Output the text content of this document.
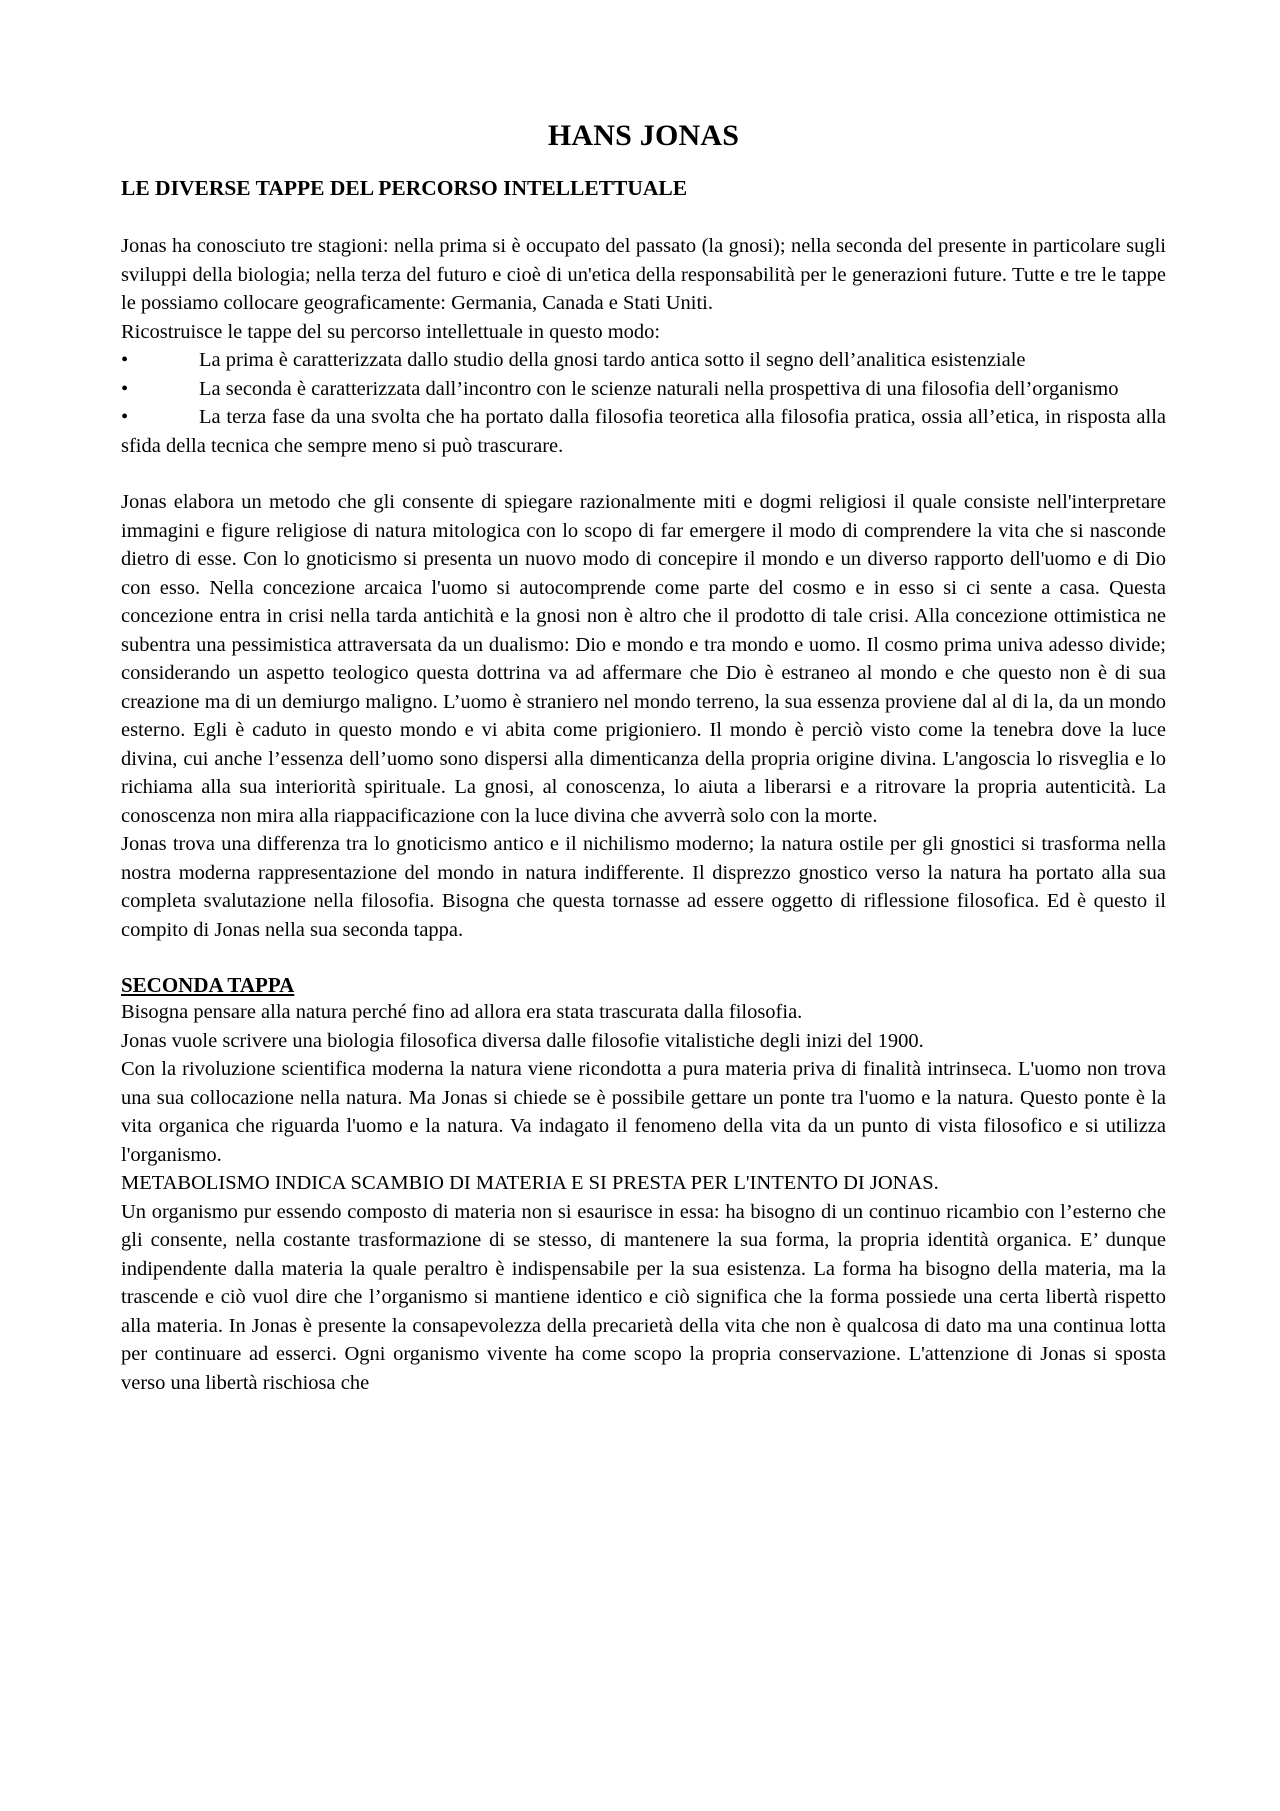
HANS JONAS
LE DIVERSE TAPPE DEL PERCORSO INTELLETTUALE

Jonas ha conosciuto tre stagioni: nella prima si è occupato del passato (la gnosi); nella seconda del presente in particolare sugli sviluppi della biologia; nella terza del futuro e cioè di un'etica della responsabilità per le generazioni future. Tutte e tre le tappe le possiamo collocare geograficamente: Germania, Canada e Stati Uniti.

Ricostruisce le tappe del su percorso intellettuale in questo modo:

•	La prima è caratterizzata dallo studio della gnosi tardo antica sotto il segno dell’analitica esistenziale
•	La seconda è caratterizzata dall’incontro con le scienze naturali nella prospettiva di una filosofia dell’organismo
•	La terza fase da una svolta che ha portato dalla filosofia teoretica alla filosofia pratica, ossia all’etica, in risposta alla sfida della tecnica che sempre meno si può trascurare.

Jonas elabora un metodo che gli consente di spiegare razionalmente miti e dogmi religiosi il quale consiste nell'interpretare immagini e figure religiose di natura mitologica con lo scopo di far emergere il modo di comprendere la vita che si nasconde dietro di esse. Con lo gnoticismo si presenta un nuovo modo di concepire il mondo e un diverso rapporto dell'uomo e di Dio con esso. Nella concezione arcaica l'uomo si autocomprende come parte del cosmo e in esso si ci sente a casa. Questa concezione entra in crisi nella tarda antichità e la gnosi non è altro che il prodotto di tale crisi. Alla concezione ottimistica ne subentra una pessimistica attraversata da un dualismo: Dio e mondo e tra mondo e uomo. Il cosmo prima univa adesso divide; considerando un aspetto teologico questa dottrina va ad affermare che Dio è estraneo al mondo e che questo non è di sua creazione ma di un demiurgo maligno. L’uomo è straniero nel mondo terreno, la sua essenza proviene dal al di la, da un mondo esterno. Egli è caduto in questo mondo e vi abita come prigioniero. Il mondo è perciò visto come la tenebra dove la luce divina, cui anche l’essenza dell’uomo sono dispersi alla dimenticanza della propria origine divina. L'angoscia lo risveglia e lo richiama alla sua interiorità spirituale. La gnosi, al conoscenza, lo aiuta a liberarsi e a ritrovare la propria autenticità. La conoscenza non mira alla riappacificazione con la luce divina che avverrà solo con la morte.

Jonas trova una differenza tra lo gnoticismo antico e il nichilismo moderno; la natura ostile per gli gnostici si trasforma nella nostra moderna rappresentazione del mondo in natura indifferente. Il disprezzo gnostico verso la natura ha portato alla sua completa svalutazione nella filosofia. Bisogna che questa tornasse ad essere oggetto di riflessione filosofica. Ed è questo il compito di Jonas nella sua seconda tappa.

SECONDA TAPPA

Bisogna pensare alla natura perché fino ad allora era stata trascurata dalla filosofia.

Jonas vuole scrivere una biologia filosofica diversa dalle filosofie vitalistiche degli inizi del 1900.

Con la rivoluzione scientifica moderna la natura viene ricondotta a pura materia priva di finalità intrinseca. L'uomo non trova una sua collocazione nella natura. Ma Jonas si chiede se è possibile gettare un ponte tra l'uomo e la natura. Questo ponte è la vita organica che riguarda l'uomo e la natura. Va indagato il fenomeno della vita da un punto di vista filosofico e si utilizza l'organismo.

METABOLISMO INDICA SCAMBIO DI MATERIA E SI PRESTA PER L'INTENTO DI JONAS.

Un organismo pur essendo composto di materia non si esaurisce in essa: ha bisogno di un continuo ricambio con l’esterno che gli consente, nella costante trasformazione di se stesso, di mantenere la sua forma, la propria identità organica. E’ dunque indipendente dalla materia la quale peraltro è indispensabile per la sua esistenza. La forma ha bisogno della materia, ma la trascende e ciò vuol dire che l’organismo si mantiene identico e ciò significa che la forma possiede una certa libertà rispetto alla materia. In Jonas è presente la consapevolezza della precarietà della vita che non è qualcosa di dato ma una continua lotta per continuare ad esserci. Ogni organismo vivente ha come scopo la propria conservazione. L'attenzione di Jonas si sposta verso una libertà rischiosa che
